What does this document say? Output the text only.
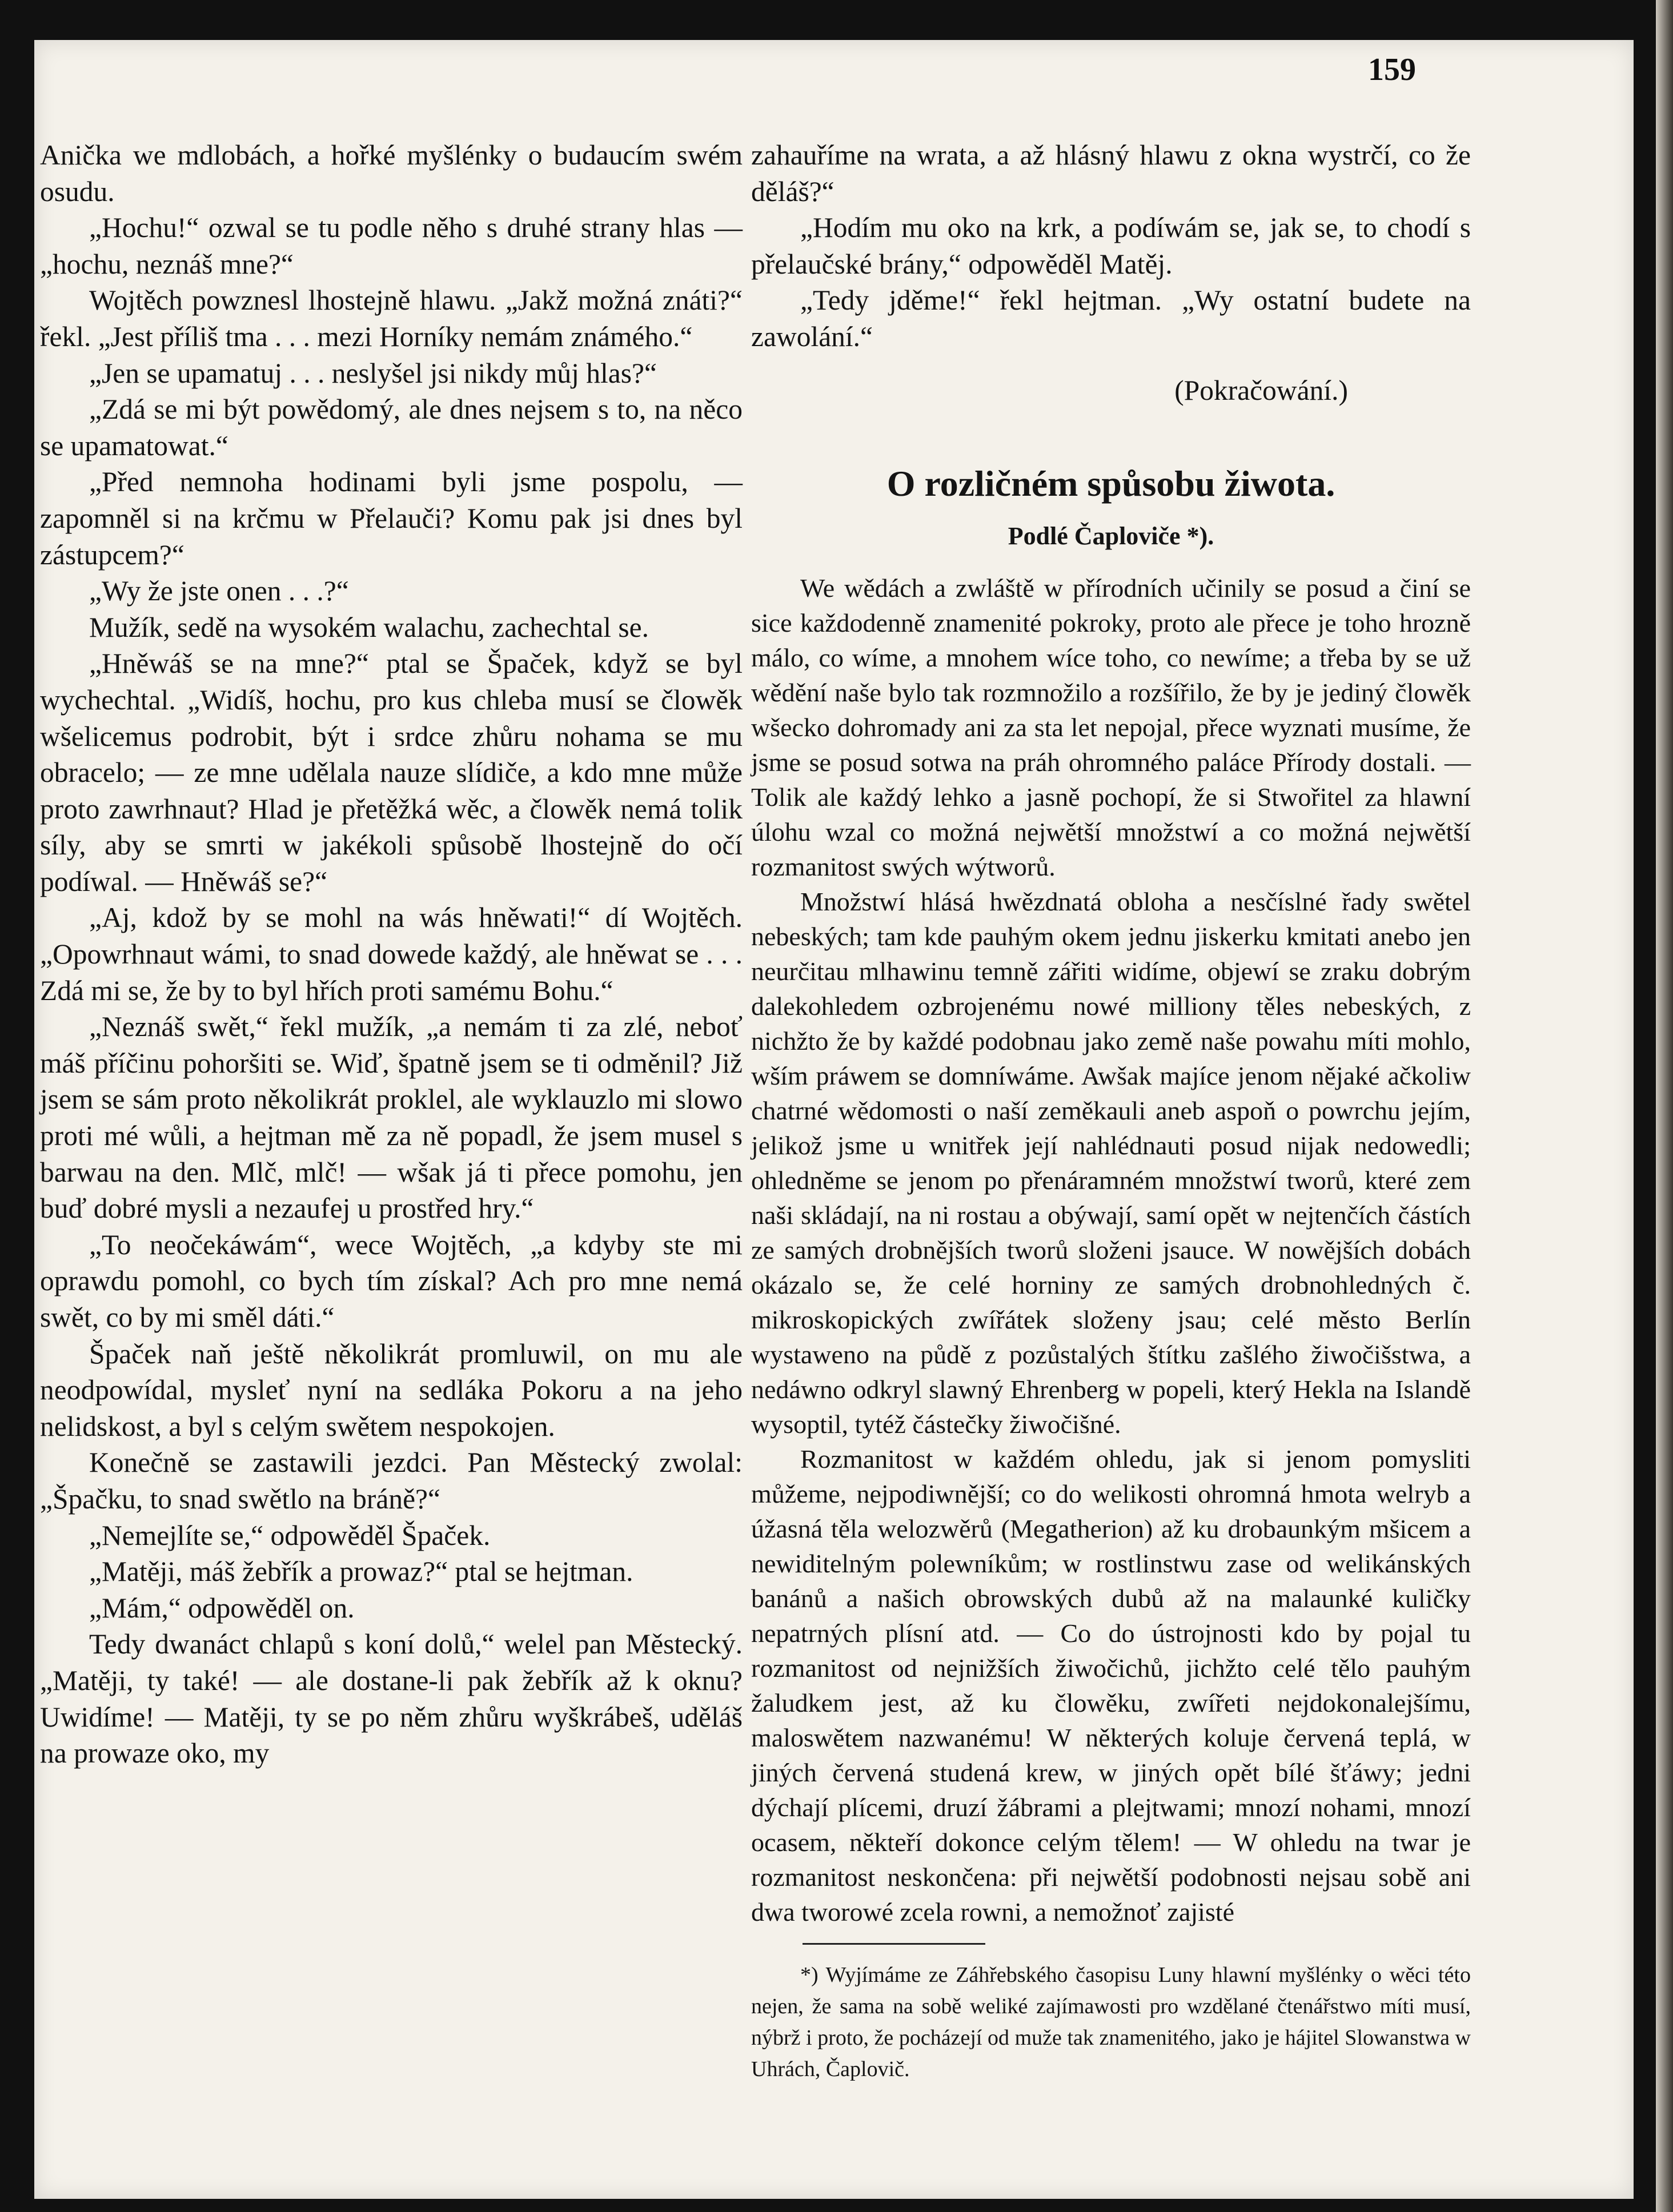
159

Anička we mdlobách, a hořké myšlénky o budaucím swém osudu.

„Hochu!“ ozwal se tu podle něho s druhé strany hlas — „hochu, neznáš mne?“

Wojtěch powznesl lhostejně hlawu. „Jakž možná znáti?“ řekl. „Jest příliš tma . . . mezi Horníky nemám známého.“

„Jen se upamatuj . . . neslyšel jsi nikdy můj hlas?“

„Zdá se mi být powědomý, ale dnes nejsem s to, na něco se upamatowat.“

„Před nemnoha hodinami byli jsme pospolu, — zapomněl si na krčmu w Přelauči? Komu pak jsi dnes byl zástupcem?“

„Wy že jste onen . . .?“

Mužík, sedě na wysokém walachu, zachechtal se.

„Hněwáš se na mne?“ ptal se Špaček, když se byl wychechtal. „Widíš, hochu, pro kus chleba musí se člowěk wšelicemus podrobit, být i srdce zhůru nohama se mu obracelo; — ze mne udělala nauze slídiče, a kdo mne může proto zawrhnaut? Hlad je přetěžká wěc, a člowěk nemá tolik síly, aby se smrti w jakékoli spůsobě lhostejně do očí podíwal. — Hněwáš se?“

„Aj, kdož by se mohl na wás hněwati!“ dí Wojtěch. „Opowrhnaut wámi, to snad dowede každý, ale hněwat se . . . Zdá mi se, že by to byl hřích proti samému Bohu.“

„Neznáš swět,“ řekl mužík, „a nemám ti za zlé, neboť máš příčinu pohoršiti se. Wiď, špatně jsem se ti odměnil? Již jsem se sám proto několikrát proklel, ale wyklauzlo mi slowo proti mé wůli, a hejtman mě za ně popadl, že jsem musel s barwau na den. Mlč, mlč! — wšak já ti přece pomohu, jen buď dobré mysli a nezaufej u prostřed hry.“

„To neočekáwám“, wece Wojtěch, „a kdyby ste mi oprawdu pomohl, co bych tím získal? Ach pro mne nemá swět, co by mi směl dáti.“

Špaček naň ještě několikrát promluwil, on mu ale neodpowídal, mysleť nyní na sedláka Pokoru a na jeho nelidskost, a byl s celým swětem nespokojen.

Konečně se zastawili jezdci. Pan Městecký zwolal: „Špačku, to snad swětlo na bráně?“

„Nemejlíte se,“ odpowěděl Špaček.

„Matěji, máš žebřík a prowaz?“ ptal se hejtman.

„Mám,“ odpowěděl on.

Tedy dwanáct chlapů s koní dolů,“ welel pan Městecký. „Matěji, ty také! — ale dostane-li pak žebřík až k oknu? Uwidíme! — Matěji, ty se po něm zhůru wyškrábeš, uděláš na prowaze oko, my

zahauříme na wrata, a až hlásný hlawu z okna wystrčí, co že děláš?“

„Hodím mu oko na krk, a podíwám se, jak se, to chodí s přelaučské brány,“ odpowěděl Matěj.

„Tedy jděme!“ řekl hejtman. „Wy ostatní budete na zawolání.“

(Pokračowání.)

O rozličném spůsobu žiwota.
Podlé Čaploviče *).

We wědách a zwláště w přírodních učinily se posud a činí se sice každodenně znamenité pokroky, proto ale přece je toho hrozně málo, co wíme, a mnohem wíce toho, co newíme; a třeba by se už wědění naše bylo tak rozmnožilo a rozšířilo, že by je jediný člowěk wšecko dohromady ani za sta let nepojal, přece wyznati musíme, že jsme se posud sotwa na práh ohromného paláce Přírody dostali. — Tolik ale každý lehko a jasně pochopí, že si Stwořitel za hlawní úlohu wzal co možná nejwětší množstwí a co možná nejwětší rozmanitost swých wýtworů.

Množstwí hlásá hwězdnatá obloha a nesčíslné řady swětel nebeských; tam kde pauhým okem jednu jiskerku kmitati anebo jen neurčitau mlhawinu temně zářiti widíme, objewí se zraku dobrým dalekohledem ozbrojenému nowé milliony těles nebeských, z nichžto že by každé podobnau jako země naše powahu míti mohlo, wším práwem se domníwáme. Awšak majíce jenom nějaké ačkoliw chatrné wědomosti o naší zeměkauli aneb aspoň o powrchu jejím, jelikož jsme u wnitřek její nahlédnauti posud nijak nedowedli; ohledněme se jenom po přenáramném množstwí tworů, které zem naši skládají, na ni rostau a obýwají, samí opět w nejtenčích částích ze samých drobnějších tworů složeni jsauce. W nowějších dobách okázalo se, že celé horniny ze samých drobnohledných č. mikroskopických zwířátek složeny jsau; celé město Berlín wystaweno na půdě z pozůstalých štítku zašlého žiwočišstwa, a nedáwno odkryl slawný Ehrenberg w popeli, který Hekla na Islandě wysoptil, tytéž částečky žiwočišné.

Rozmanitost w každém ohledu, jak si jenom pomysliti můžeme, nejpodiwnější; co do welikosti ohromná hmota welryb a úžasná těla welozwěrů (Megatherion) až ku drobaunkým mšicem a newiditelným polewníkům; w rostlinstwu zase od welikánských banánů a našich obrowských dubů až na malaunké kuličky nepatrných plísní atd. — Co do ústrojnosti kdo by pojal tu rozmanitost od nejnižších žiwočichů, jichžto celé tělo pauhým žaludkem jest, až ku člowěku, zwířeti nejdokonalejšímu, maloswětem nazwanému! W některých koluje červená teplá, w jiných červená studená krew, w jiných opět bílé šťáwy; jedni dýchají plícemi, druzí žábrami a plejtwami; mnozí nohami, mnozí ocasem, někteří dokonce celým tělem! — W ohledu na twar je rozmanitost neskončena: při nejwětší podobnosti nejsau sobě ani dwa tworowé zcela rowni, a nemožnoť zajisté

*) Wyjímáme ze Záhřebského časopisu Luny hlawní myšlénky o wěci této nejen, že sama na sobě weliké zajímawosti pro wzdělané čtenářstwo míti musí, nýbrž i proto, že pocházejí od muže tak znamenitého, jako je hájitel Slowanstwa w Uhrách, Čaplovič.
